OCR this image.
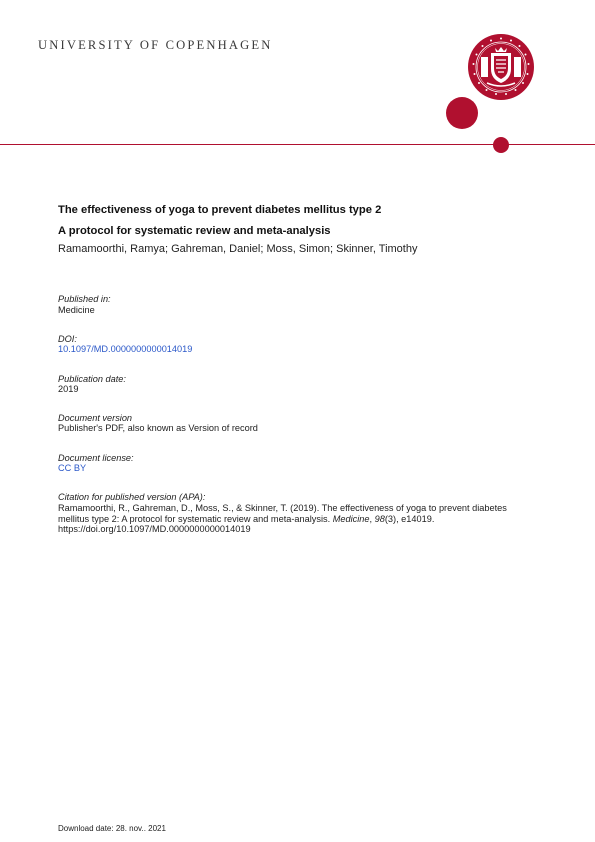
UNIVERSITY OF COPENHAGEN
The effectiveness of yoga to prevent diabetes mellitus type 2
A protocol for systematic review and meta-analysis
Ramamoorthi, Ramya; Gahreman, Daniel; Moss, Simon; Skinner, Timothy
Published in:
Medicine
DOI:
10.1097/MD.0000000000014019
Publication date:
2019
Document version
Publisher's PDF, also known as Version of record
Document license:
CC BY
Citation for published version (APA):
Ramamoorthi, R., Gahreman, D., Moss, S., & Skinner, T. (2019). The effectiveness of yoga to prevent diabetes
mellitus type 2: A protocol for systematic review and meta-analysis. Medicine, 98(3), e14019.
https://doi.org/10.1097/MD.0000000000014019
Download date: 28. nov.. 2021
